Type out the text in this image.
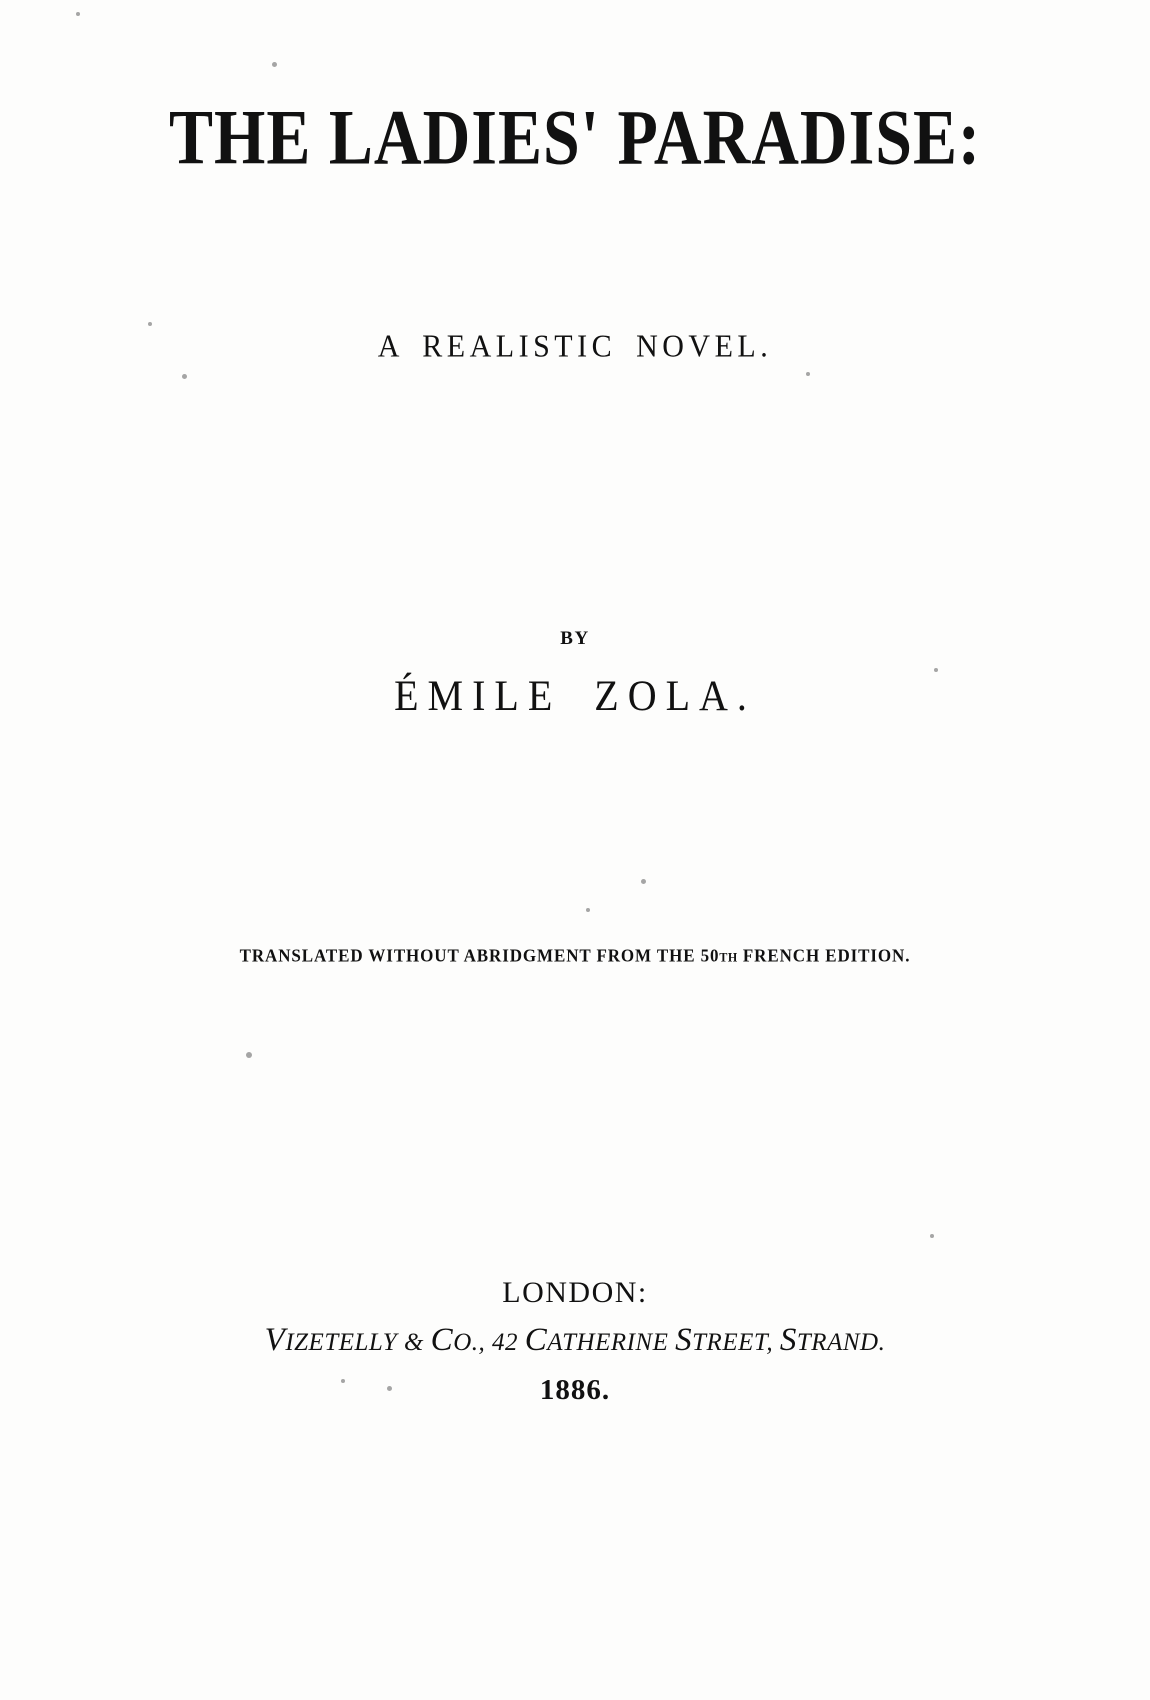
THE LADIES' PARADISE:
A REALISTIC NOVEL.
BY
ÉMILE ZOLA.
TRANSLATED WITHOUT ABRIDGMENT FROM THE 50TH FRENCH EDITION.
LONDON:
VIZETELLY & CO., 42 CATHERINE STREET, STRAND.
1886.
